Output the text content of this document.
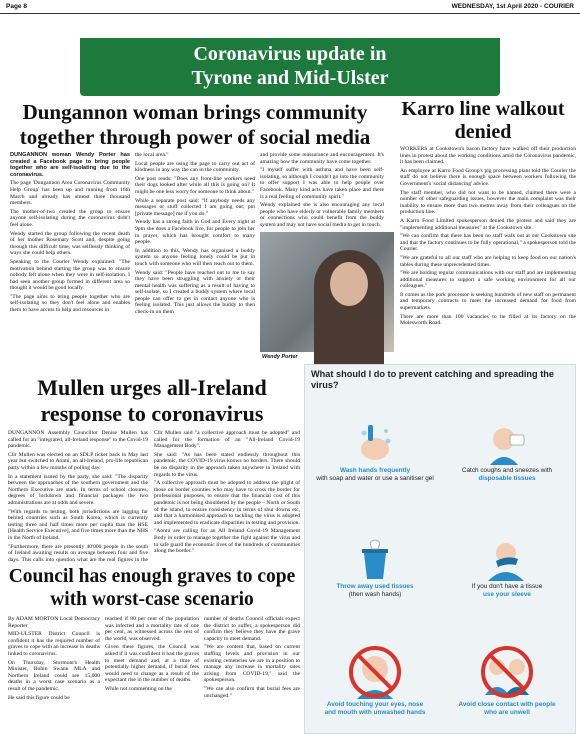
Page 8	WEDNESDAY, 1st April 2020 - COURIER
Coronavirus update in
Tyrone and Mid-Ulster
Dungannon woman brings community together through power of social media
Karro line walkout denied

DUNGANNON woman Wendy Porter has created a Facebook page to bring people together who are self-isolating due to the coronavirus.

The page 'Dungannon Area Coronavirus Community Help Group' has been up and running from 16th March and already has almost three thousand members.

The mother-of-two created the group to ensure anyone self-isolating during the coronavirus didn't feel alone.

Wendy started the group following the recent death of her mother Rosemary Scott and, despite going through this difficult time, was selflessly thinking of ways she could help others.

Speaking to the Courier Wendy explained: "The motivation behind starting the group was to ensure nobody felt alone when they were in self-isolation. I had seen another group formed in different area so thought it would be good locally.

"The page aims to bring people together who are self-isolating so they don't feel alone and enables them to have access to help and resources in

the local area."

Local people are using the page to carry out act of kindness in any way the can in the community.

One post reads: "Does any front-line workers need their dogs looked after while all this is going on? It might be one less worry for someone to think about."

While a separate post said: "If anybody needs any messages or stuff collected I am going out; pm [private message] me if you do."

Wendy has a strong faith in God and Every night at 9pm she does a Facebook live, for people to join her in prayer, which has brought comfort to many people.

In addition to this, Wendy has organised a buddy system so anyone feeling lonely could be put in touch with someone who will then reach out to them.

Wendy said: "People have reached out to me to say they have been struggling with anxiety or their mental health was suffering as a result of having to self-isolate, so I created a buddy system where local people can offer to get in contact anyone who is feeling isolated. This just allows the buddy to then check-in on them

and provide some reassurance and encouragement. It's amazing how the community have come together.

"I myself suffer with asthma and have been self-isolating, so although I couldn't go into the community to offer support I was able to help people over Facebook. Many kind acts have taken place and there is a real feeling of community spirit."

Wendy explained she is also encouraging any local people who have elderly or vulnerable family members or connections who could benefit from the buddy system and may not have social media to get in touch.

WORKERS at Cookstown's bacon factory have walked off their production lines in protest about the working conditions amid the Coronavirus pandemic, it has been claimed.

An employee at Karro Food Group's pig processing plant told the Courier the staff do not believe there is enough space between workers following the Government's 'social distancing' advice.

The staff member, who did not want to be named, claimed there were a number of other safeguarding issues, however the main complaint was their inability to ensure more than two metres away from their colleagues on the production line.

A Karro Food Limited spokesperson denied the protest and said they are "implementing additional measures" at the Cookstown site.

"We can confirm that there has been no staff walk out at our Cookstown site and that the factory continues to be fully operational," a spokesperson told the Courier.

"We are grateful to all our staff who are helping to keep food on our nation's tables during these unprecedented times.

"We are holding regular communications with our staff and are implementing additional measures to support a safe working environment for all our colleagues."

It comes as the pork processor is seeking hundreds of new staff on permanent and temporary contracts to meet the increased demand for food from supermarkets.

There are more than 100 vacancies to be filled at its factory on the Molesworth Road.

Wendy Porter
Mullen urges all-Ireland response to coronavirus

DUNGANNON Assembly Councillor Denise Mullen has called for an "integrated, all-Ireland response" to the Covid-19 pandemic.

Cllr Mullen was elected on an SDLP ticket back in May last year but switched to Aontú, an all-Ireland, pro-life republican party within a few months of polling day.

In a statement issued by the party, she said: "The disparity between the approaches of the southern government and the Northern Executive are stark. In terms of school closures, degrees of lockdown and financial packages the two administrations are at odds and severe.

"With regards to testing, both jurisdictions are lagging far behind countries such as South Korea, which is currently testing three and half times more per capita than the HSE [Health Service Executive], and five times more than the NHS in the North of Ireland.

"Furthermore, there are presently 40'000 people in the south of Ireland awaiting results on average between four and five days. This calls into question what are the real figures in the

Cllr Mullen said "a collective approach must be adopted" and called for the formation of an "All-Ireland Covid-19 Management Body".

She said: "As has been stated endlessly throughout this pandemic, the COVID-19 virus knows no borders. There should be no disparity in the approach taken anywhere in Ireland with regards to the virus.

"A collective approach must be adopted to address the plight of those on border counties who may have to cross the border for professional purposes, to ensure that the financial cost of this pandemic is not being shouldered by the people – North or South of the island, to ensure consistency in terms of shut downs etc, and that a harmonised approach to tackling the virus is adopted and implemented to eradicate disparities in testing and provision.

"Aontú are calling for an All Ireland Covid-19 Management Body in order to manage together the fight against the virus and to safe guard the economic lives of the hundreds of communities along the border."

Council has enough graves to cope with worst-case scenario

By ADAM MORTON Local Democracy Reporter

MID-ULSTER District Council is confident it has the required number of graves to cope with an increase in deaths linked to coronavirus.

On Thursday, Stormont's Health Minister, Robin Swann MLA and Northern Ireland could see 15,000 deaths in a worst case scenario as a result of the pandemic.

He said this figure could be

reached if 80 per cent of the population was infected and a mortality rate of one per cent, as witnessed across the rest of the world, was observed.

Given these figures, the Council was asked if it was confident it had the graves to meet demand and, at a time of potentially higher demand, if burial fees would need to change as a result of the expectant rise in the number of deaths.

While not commenting on the

number of deaths Council officials expect the district to suffer, a spokesperson did confirm they believe they have the grave capacity to meet demand.

"We are content that, based on current staffing levels and provision in our existing cemeteries we are in a position to manage any increase in mortality rates arising from COVID-19," said the spokesperson.

"We can also confirm that burial fees are unchanged."

What should I do to prevent catching and spreading the virus?
Wash hands frequently
with soap and water or use a sanitiser gel
Catch coughs and sneezes with
disposable tissues
Throw away used tissues
(then wash hands)
If you don't have a tissue
use your sleeve
Avoid touching your eyes, nose
and mouth with unwashed hands
Avoid close contact with people
who are unwell
